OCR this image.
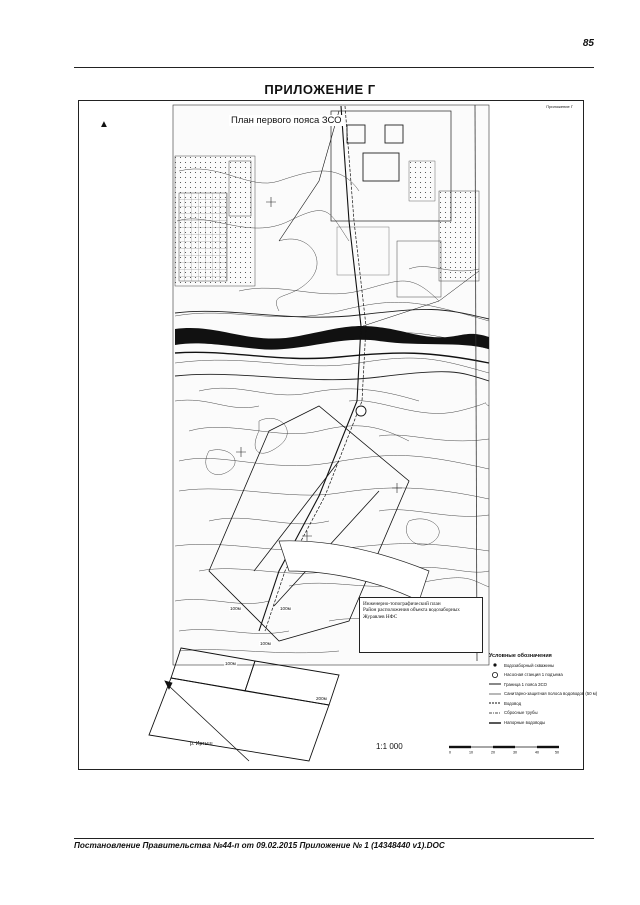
85
ПРИЛОЖЕНИЕ Г
Приложение Г
▲	План первого пояса ЗСО
100м	100м
100м
100м
200м
Инженерно-топографический план
Район расположения объекта водозаборных
Журавлев НФС
Условные обозначения
Водозаборный скважины
Насосная станция 1 подъема
Граница 1 пояса ЗСО
Санитарно-защитная полоса водоводов (50 м)
Водовод
Сбросные трубы
Напорные водоводы
р. Иртыш	1:1 000
0	10	20	30	40	50
Постановление Правительства №44-п от 09.02.2015 Приложение № 1 (14348440 v1).DOC
